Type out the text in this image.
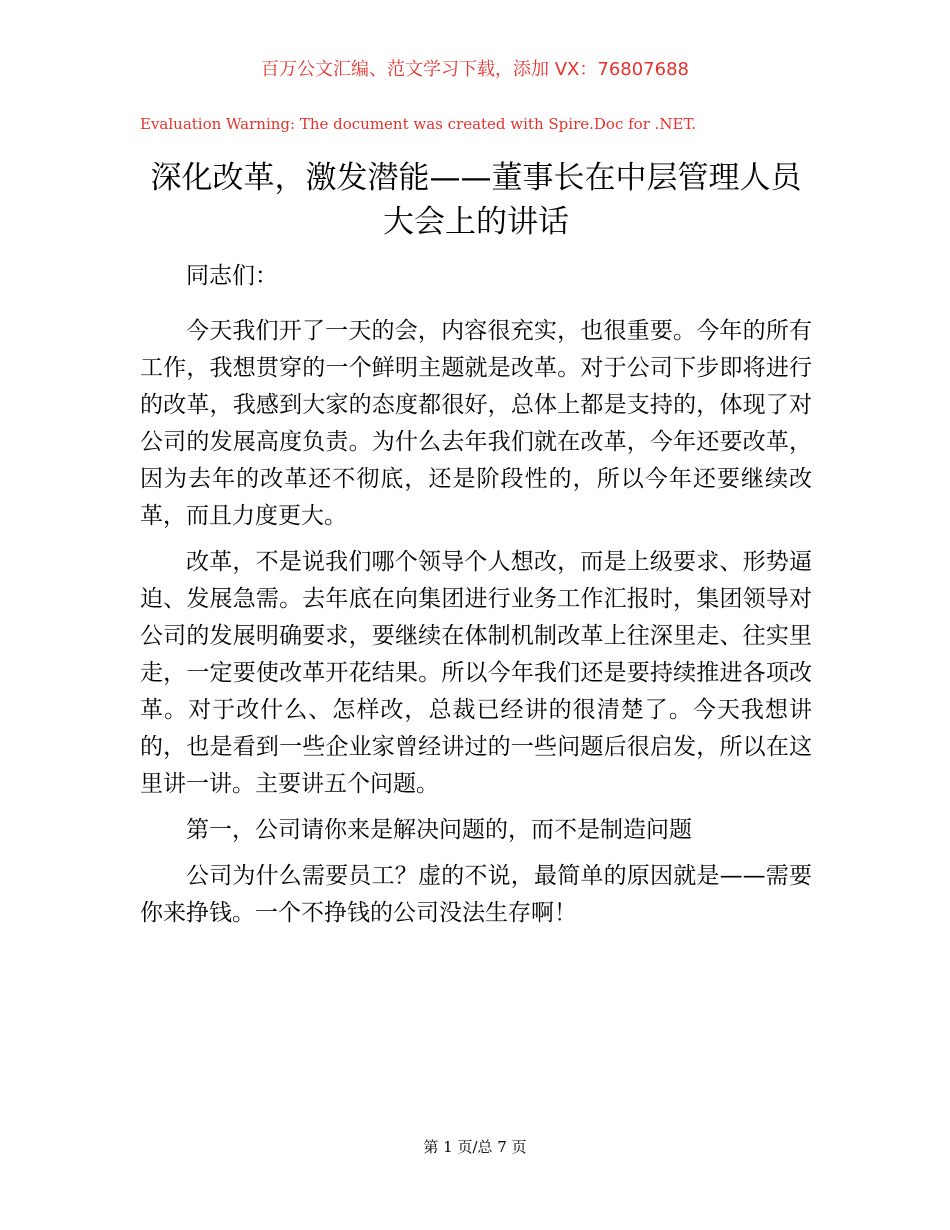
百万公文汇编、范文学习下载，添加 VX：76807688
Evaluation Warning: The document was created with Spire.Doc for .NET.
深化改革，激发潜能——董事长在中层管理人员大会上的讲话

同志们：

今天我们开了一天的会，内容很充实，也很重要。今年的所有工作，我想贯穿的一个鲜明主题就是改革。对于公司下步即将进行的改革，我感到大家的态度都很好，总体上都是支持的，体现了对公司的发展高度负责。为什么去年我们就在改革，今年还要改革，因为去年的改革还不彻底，还是阶段性的，所以今年还要继续改革，而且力度更大。

改革，不是说我们哪个领导个人想改，而是上级要求、形势逼迫、发展急需。去年底在向集团进行业务工作汇报时，集团领导对公司的发展明确要求，要继续在体制机制改革上往深里走、往实里走，一定要使改革开花结果。所以今年我们还是要持续推进各项改革。对于改什么、怎样改，总裁已经讲的很清楚了。今天我想讲的，也是看到一些企业家曾经讲过的一些问题后很启发，所以在这里讲一讲。主要讲五个问题。

第一，公司请你来是解决问题的，而不是制造问题

公司为什么需要员工？虚的不说，最简单的原因就是——需要你来挣钱。一个不挣钱的公司没法生存啊！

第 1 页/总 7 页
